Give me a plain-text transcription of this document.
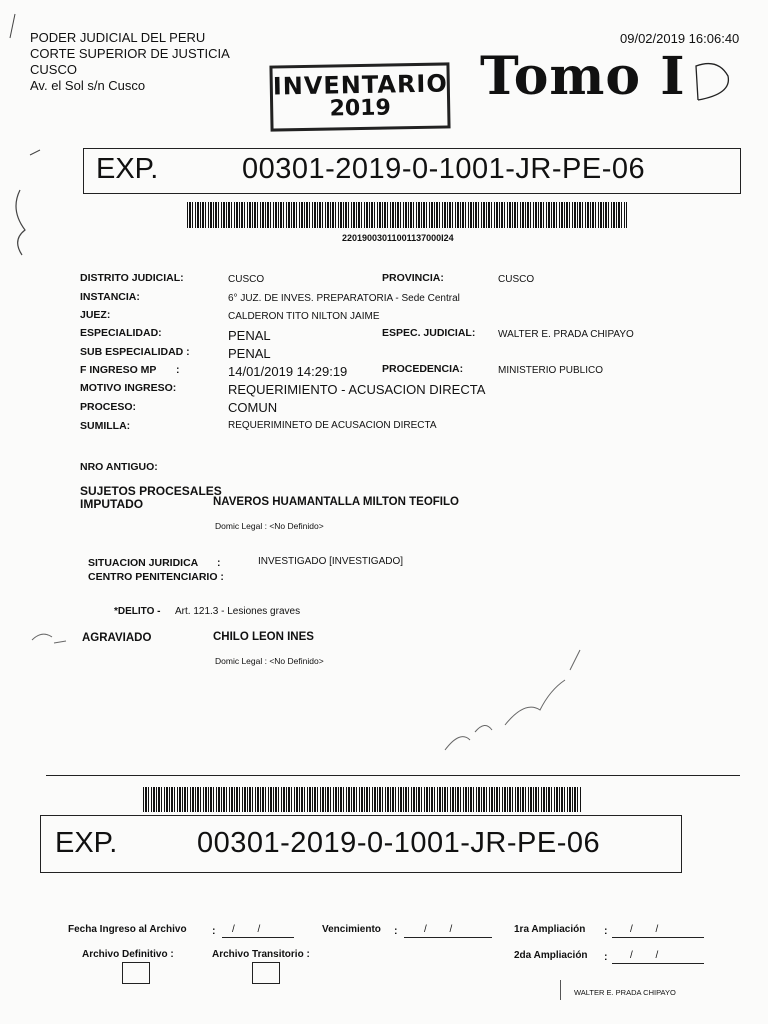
PODER JUDICIAL DEL PERU
CORTE SUPERIOR DE JUSTICIA
CUSCO
Av. el Sol s/n Cusco
09/02/2019 16:06:40
INVENTARIO
2019
Tomo I
EXP.	00301-2019-0-1001-JR-PE-06
22019003011001137000I24
DISTRITO JUDICIAL:	CUSCO	PROVINCIA:	CUSCO
INSTANCIA:	6° JUZ. DE INVES. PREPARATORIA - Sede Central
JUEZ:	CALDERON TITO NILTON JAIME
ESPECIALIDAD:	PENAL	ESPEC. JUDICIAL: WALTER E. PRADA CHIPAYO
SUB ESPECIALIDAD :	PENAL
F INGRESO MP :	14/01/2019 14:29:19	PROCEDENCIA:	MINISTERIO PUBLICO
MOTIVO INGRESO:	REQUERIMIENTO - ACUSACION DIRECTA
PROCESO:	COMUN
SUMILLA:	REQUERIMINETO DE ACUSACION DIRECTA
NRO ANTIGUO:
SUJETOS PROCESALES
IMPUTADO	NAVEROS HUAMANTALLA MILTON TEOFILO
Domic Legal : <No Definido>
SITUACION JURIDICA :	INVESTIGADO [INVESTIGADO]
CENTRO PENITENCIARIO :
*DELITO - Art. 121.3 - Lesiones graves
AGRAVIADO	CHILO LEON INES
Domic Legal : <No Definido>
EXP.	00301-2019-0-1001-JR-PE-06
Fecha Ingreso al Archivo : / /	Vencimiento :	/ /	1ra Ampliación : / /
Archivo Definitivo :	Archivo Transitorio :	2da Ampliación : / /
WALTER E. PRADA CHIPAYO
